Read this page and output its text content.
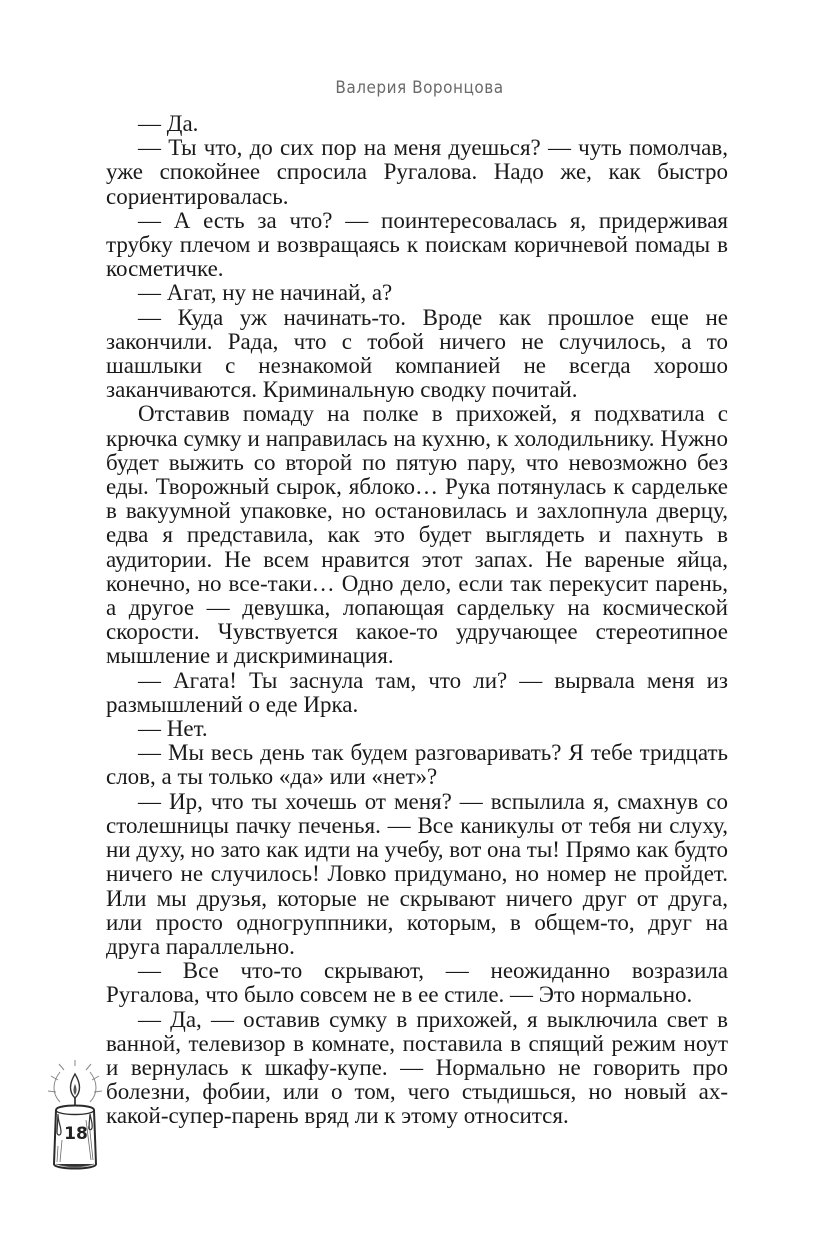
Валерия Воронцова

— Да.

— Ты что, до сих пор на меня дуешься? — чуть помолчав, уже спокойнее спросила Ругалова. Надо же, как быстро сориентировалась.

— А есть за что? — поинтересовалась я, придерживая трубку плечом и возвращаясь к поискам коричневой помады в косметичке.

— Агат, ну не начинай, а?

— Куда уж начинать-то. Вроде как прошлое еще не закончили. Рада, что с тобой ничего не случилось, а то шашлыки с незнакомой компанией не всегда хорошо заканчиваются. Криминальную сводку почитай.

Отставив помаду на полке в прихожей, я подхватила с крючка сумку и направилась на кухню, к холодильнику. Нужно будет выжить со второй по пятую пару, что невозможно без еды. Творожный сырок, яблоко… Рука потянулась к сардельке в вакуумной упаковке, но остановилась и захлопнула дверцу, едва я представила, как это будет выглядеть и пахнуть в аудитории. Не всем нравится этот запах. Не вареные яйца, конечно, но все-таки… Одно дело, если так перекусит парень, а другое — девушка, лопающая сардельку на космической скорости. Чувствуется какое-то удручающее стереотипное мышление и дискриминация.

— Агата! Ты заснула там, что ли? — вырвала меня из размышлений о еде Ирка.

— Нет.

— Мы весь день так будем разговаривать? Я тебе тридцать слов, а ты только «да» или «нет»?

— Ир, что ты хочешь от меня? — вспылила я, смахнув со столешницы пачку печенья. — Все каникулы от тебя ни слуху, ни духу, но зато как идти на учебу, вот она ты! Прямо как будто ничего не случилось! Ловко придумано, но номер не пройдет. Или мы друзья, которые не скрывают ничего друг от друга, или просто одногруппники, которым, в общем-то, друг на друга параллельно.

— Все что-то скрывают, — неожиданно возразила Ругалова, что было совсем не в ее стиле. — Это нормально.

— Да, — оставив сумку в прихожей, я выключила свет в ванной, телевизор в комнате, поставила в спящий режим ноут и вернулась к шкафу-купе. — Нормально не говорить про болезни, фобии, или о том, чего стыдишься, но новый ах-какой-супер-парень вряд ли к этому относится.

18
